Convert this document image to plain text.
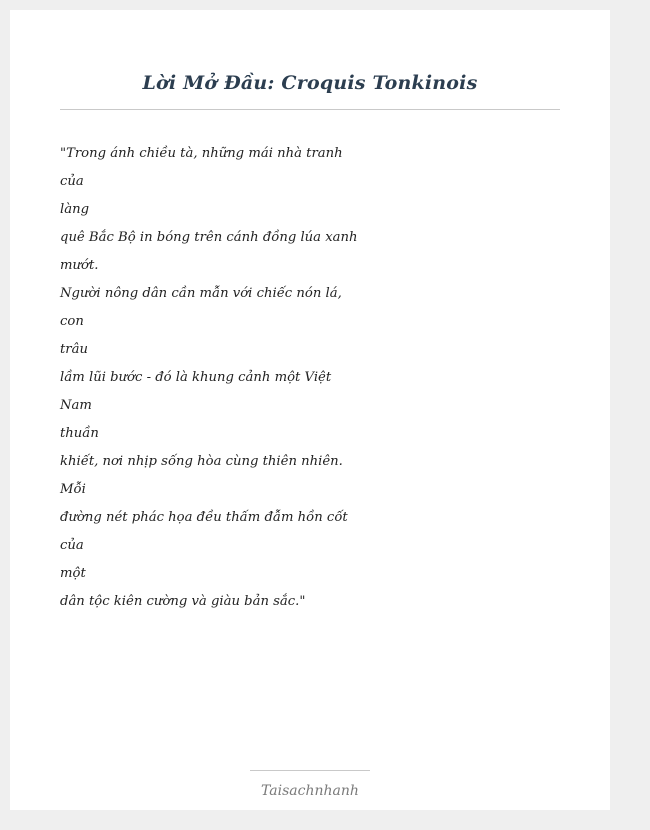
Lời Mở Đầu: Croquis Tonkinois
"Trong ánh chiều tà, những mái nhà tranh của
làng
quê Bắc Bộ in bóng trên cánh đồng lúa xanh
mướt.
Người nông dân cần mẫn với chiếc nón lá, con
trâu
lầm lũi bước - đó là khung cảnh một Việt Nam
thuần
khiết, nơi nhịp sống hòa cùng thiên nhiên.
Mỗi
đường nét phác họa đều thấm đẫm hồn cốt của
một
dân tộc kiên cường và giàu bản sắc."

Taisachnhanh
